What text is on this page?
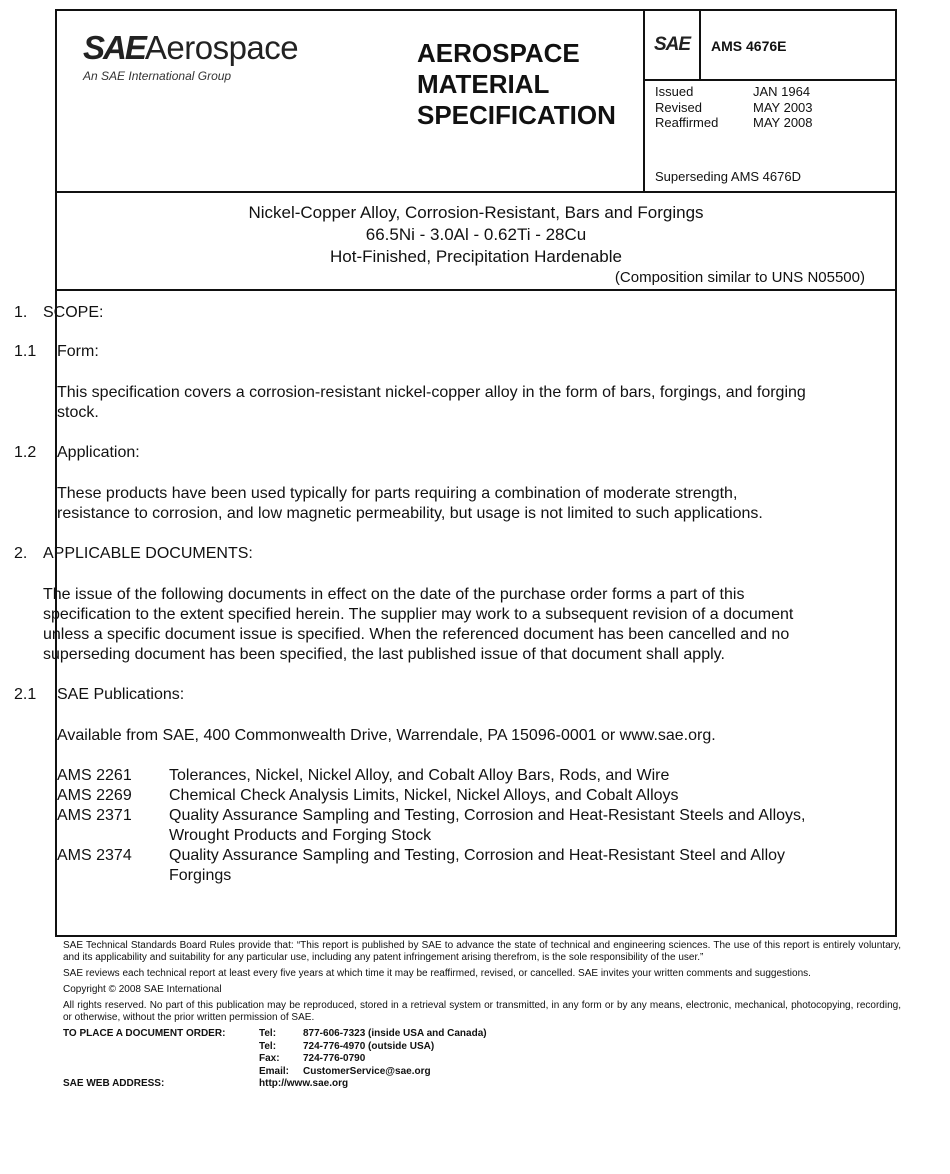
SAEAerospace
An SAE International Group
AEROSPACE
MATERIAL
SPECIFICATION
SAE	AMS 4676E
Issued	JAN 1964
Revised	MAY 2003
Reaffirmed	MAY 2008
Superseding AMS 4676D
Nickel-Copper Alloy, Corrosion-Resistant, Bars and Forgings
66.5Ni - 3.0Al - 0.62Ti - 28Cu
Hot-Finished, Precipitation Hardenable
(Composition similar to UNS N05500)

1. SCOPE:

1.1 Form:

This specification covers a corrosion-resistant nickel-copper alloy in the form of bars, forgings, and forging stock.

1.2 Application:

These products have been used typically for parts requiring a combination of moderate strength, resistance to corrosion, and low magnetic permeability, but usage is not limited to such applications.

2. APPLICABLE DOCUMENTS:

The issue of the following documents in effect on the date of the purchase order forms a part of this specification to the extent specified herein. The supplier may work to a subsequent revision of a document unless a specific document issue is specified. When the referenced document has been cancelled and no superseding document has been specified, the last published issue of that document shall apply.

2.1 SAE Publications:

Available from SAE, 400 Commonwealth Drive, Warrendale, PA 15096-0001 or www.sae.org.

AMS 2261	Tolerances, Nickel, Nickel Alloy, and Cobalt Alloy Bars, Rods, and Wire
AMS 2269	Chemical Check Analysis Limits, Nickel, Nickel Alloys, and Cobalt Alloys
AMS 2371	Quality Assurance Sampling and Testing, Corrosion and Heat-Resistant Steels and Alloys, Wrought Products and Forging Stock
AMS 2374	Quality Assurance Sampling and Testing, Corrosion and Heat-Resistant Steel and Alloy Forgings

SAE Technical Standards Board Rules provide that: “This report is published by SAE to advance the state of technical and engineering sciences. The use of this report is entirely voluntary, and its applicability and suitability for any particular use, including any patent infringement arising therefrom, is the sole responsibility of the user.”

SAE reviews each technical report at least every five years at which time it may be reaffirmed, revised, or cancelled. SAE invites your written comments and suggestions.

Copyright © 2008 SAE International

All rights reserved. No part of this publication may be reproduced, stored in a retrieval system or transmitted, in any form or by any means, electronic, mechanical, photocopying, recording, or otherwise, without the prior written permission of SAE.

TO PLACE A DOCUMENT ORDER:	Tel:	877-606-7323 (inside USA and Canada)
Tel:	724-776-4970 (outside USA)
Fax:	724-776-0790
Email:	CustomerService@sae.org
SAE WEB ADDRESS:	http://www.sae.org
